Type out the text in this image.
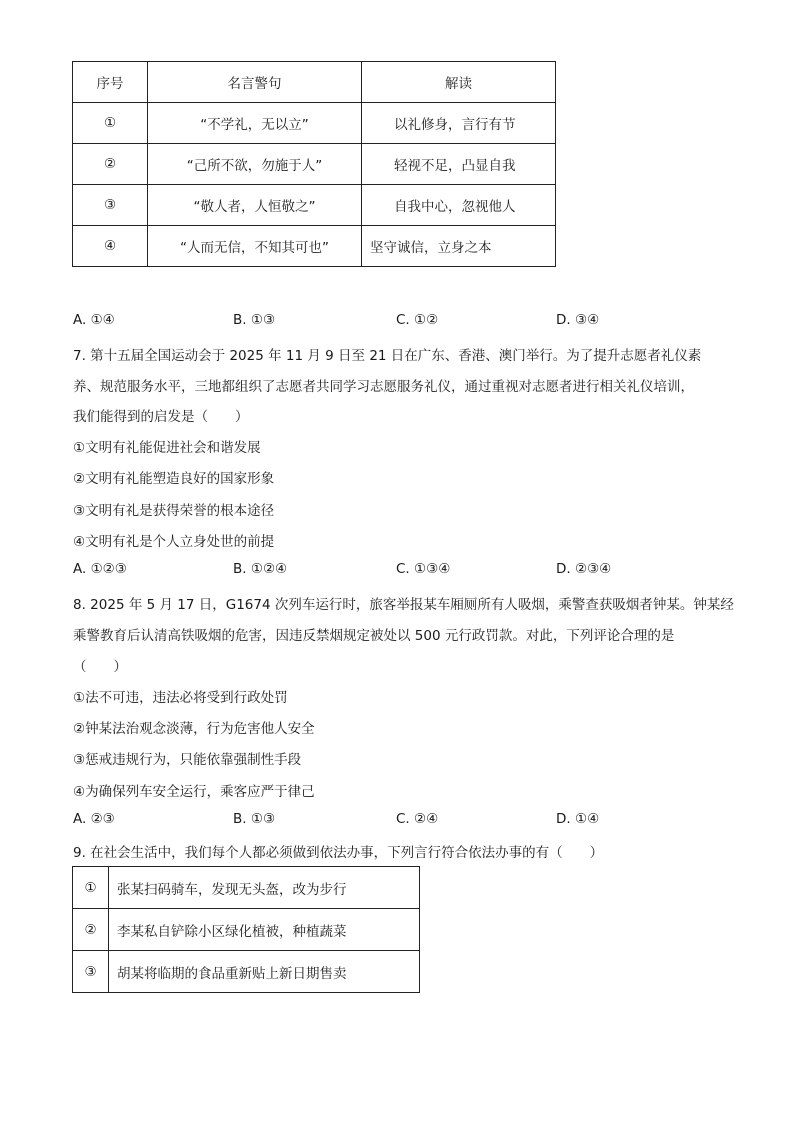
序号	名言警句	解读
①	“不学礼，无以立”	以礼修身，言行有节

②	“己所不欲，勿施于人”	轻视不足，凸显自我

③	“敬人者，人恒敬之”	自我中心，忽视他人

④	“人而无信，不知其可也”	坚守诚信，立身之本
A. ①④	B. ①③	C. ①②	D. ③④
7. 第十五届全国运动会于 2025 年 11 月 9 日至 21 日在广东、香港、澳门举行。为了提升志愿者礼仪素
养、规范服务水平，三地都组织了志愿者共同学习志愿服务礼仪，通过重视对志愿者进行相关礼仪培训，
我们能得到的启发是（　　）
①文明有礼能促进社会和谐发展
②文明有礼能塑造良好的国家形象
③文明有礼是获得荣誉的根本途径
④文明有礼是个人立身处世的前提
A. ①②③	B. ①②④	C. ①③④	D. ②③④
8. 2025 年 5 月 17 日，G1674 次列车运行时，旅客举报某车厢厕所有人吸烟，乘警查获吸烟者钟某。钟某经
乘警教育后认清高铁吸烟的危害，因违反禁烟规定被处以 500 元行政罚款。对此，下列评论合理的是
（　　）
①法不可违，违法必将受到行政处罚
②钟某法治观念淡薄，行为危害他人安全
③惩戒违规行为，只能依靠强制性手段
④为确保列车安全运行，乘客应严于律己
A. ②③	B. ①③	C. ②④	D. ①④
9. 在社会生活中，我们每个人都必须做到依法办事，下列言行符合依法办事的有（　　）
①	张某扫码骑车，发现无头盔，改为步行
②	李某私自铲除小区绿化植被，种植蔬菜
③	胡某将临期的食品重新贴上新日期售卖
